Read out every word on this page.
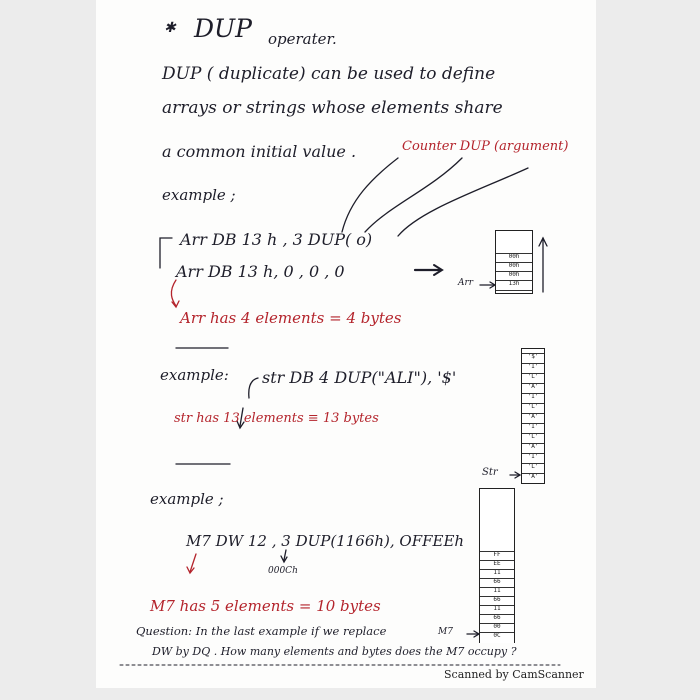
✱ DUP operater.
DUP ( duplicate) can be used to define
arrays or strings whose elements share
a common initial value .	Counter DUP (argument)
example ;
Arr DB 13 h , 3 DUP( o)
Arr DB 13 h, 0 , 0 , 0
Arr has 4 elements = 4 bytes
Arr
00h
00h
00h
13h
example: str DB 4 DUP("ALI"), '$'
str has 13 elements ≡ 13 bytes
Str
'$'
'I'
'L'
'A'
'I'
'L'
'A'
'I'
'L'
'A'
'I'
'L'
'A'
example ;
M7 DW 12 , 3 DUP(1166h), OFFEEh
000Ch
M7 has 5 elements = 10 bytes
M7
FF
EE
11
66
11
66
11
66
00
0C
Question: In the last example if we replace
DW by DQ . How many elements and bytes does the M7 occupy ?
Scanned by CamScanner
